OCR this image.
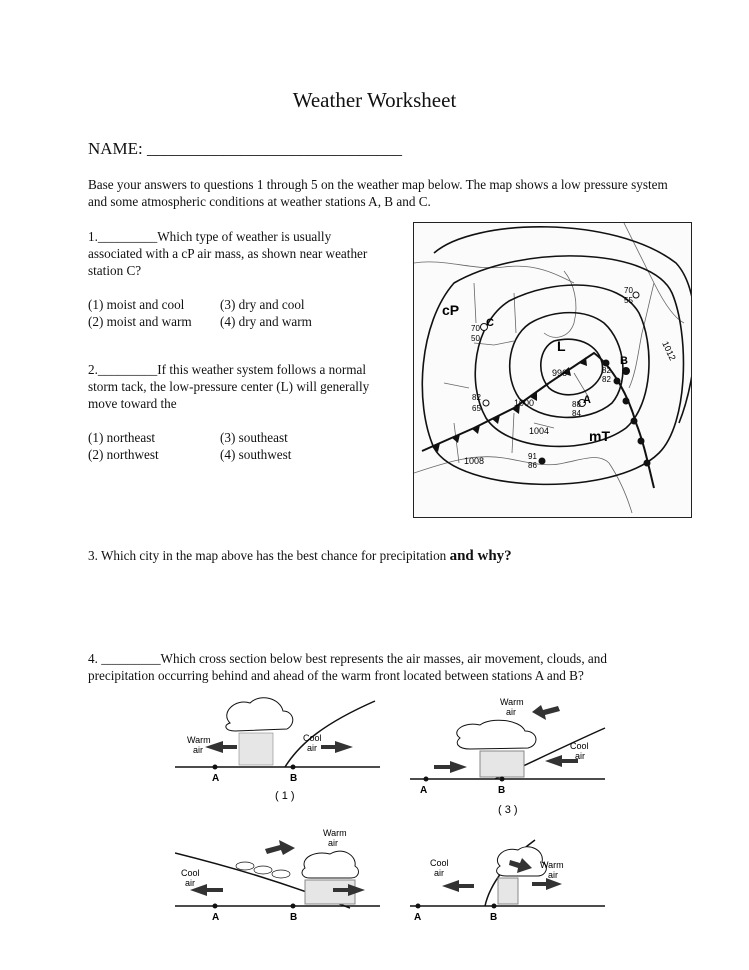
Weather Worksheet
NAME: ______________________________
Base your answers to questions 1 through 5 on the weather map below. The map shows a low pressure system and some atmospheric conditions at weather stations A, B and C.
1._________Which type of weather is usually associated with a cP air mass, as shown near weather station C?
(1) moist and cool	(3) dry and cool
(2) moist and warm	(4) dry and warm
2._________If this weather system follows a normal storm tack, the low-pressure center (L) will generally move toward the
(1) northeast	(3) southeast
(2) northwest	(4) southwest
cP
mT
L
996
1000
1004
1008
1012
C
70
50
B
82
82
A
88
84
82
65
91
86
70
55
3. Which city in the map above has the best chance for precipitation and why?
4. _________Which cross section below best represents the air masses, air movement, clouds, and precipitation occurring behind and ahead of the warm front located between stations A and B?
Warm
air
Cool
air
A	B
( 1 )
Warm
air
Cool
air
A	B
( 3 )
Warm
air
Cool
air
A	B
Cool
air
Warm
air
A	B
